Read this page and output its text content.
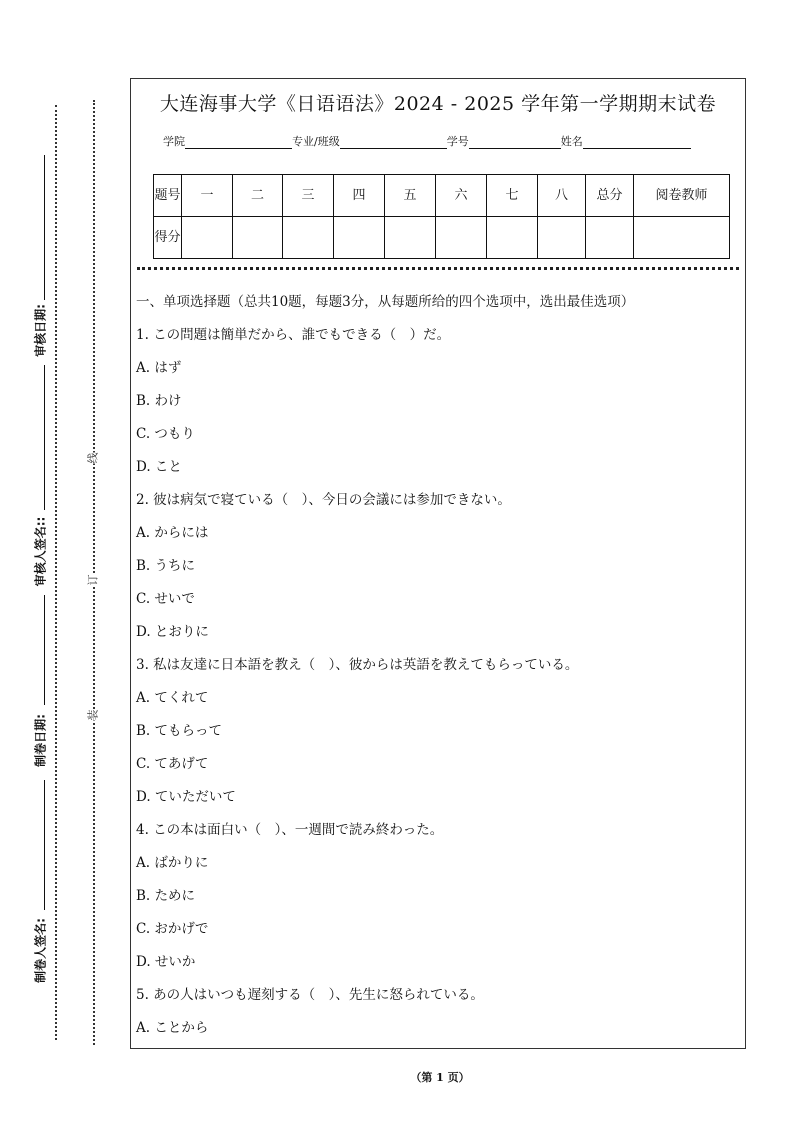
审核日期:
审核人签名::
制卷日期:
制卷人签名:
线
订
装
大连海事大学《日语语法》2024 - 2025 学年第一学期期末试卷
学院	专业/班级	学号	姓名
题号	一	二	三	四	五	六	七	八	总分	阅卷教师
得分										
一、单项选择题（总共10题，每题3分，从每题所给的四个选项中，选出最佳选项）
1. この問題は簡単だから、誰でもできる（　）だ。
A. はず
B. わけ
C. つもり
D. こと
2. 彼は病気で寝ている（　）、今日の会議には参加できない。
A. からには
B. うちに
C. せいで
D. とおりに
3. 私は友達に日本語を教え（　）、彼からは英語を教えてもらっている。
A. てくれて
B. てもらって
C. てあげて
D. ていただいて
4. この本は面白い（　）、一週間で読み終わった。
A. ばかりに
B. ために
C. おかげで
D. せいか
5. あの人はいつも遅刻する（　）、先生に怒られている。
A. ことから
（第 1 页）
